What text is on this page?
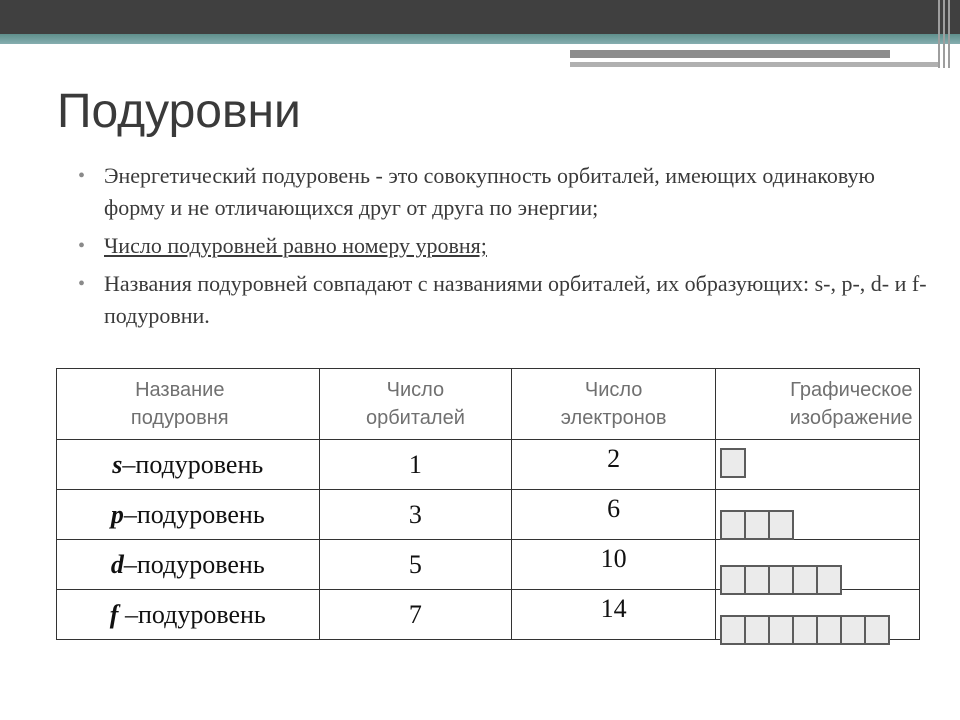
Подуровни
• Энергетический подуровень - это совокупность орбиталей, имеющих одинаковую форму и не отличающихся друг от друга по энергии;
• Число подуровней равно номеру уровня;
• Названия подуровней совпадают с названиями орбиталей, их образующих: s-, p-, d- и f- подуровни.
Название подуровня	Число орбиталей	Число электронов	Графическое изображение
s–подуровень	1	2	

p–подуровень	3	6	

d–подуровень	5	10	

f –подуровень	7	14	
